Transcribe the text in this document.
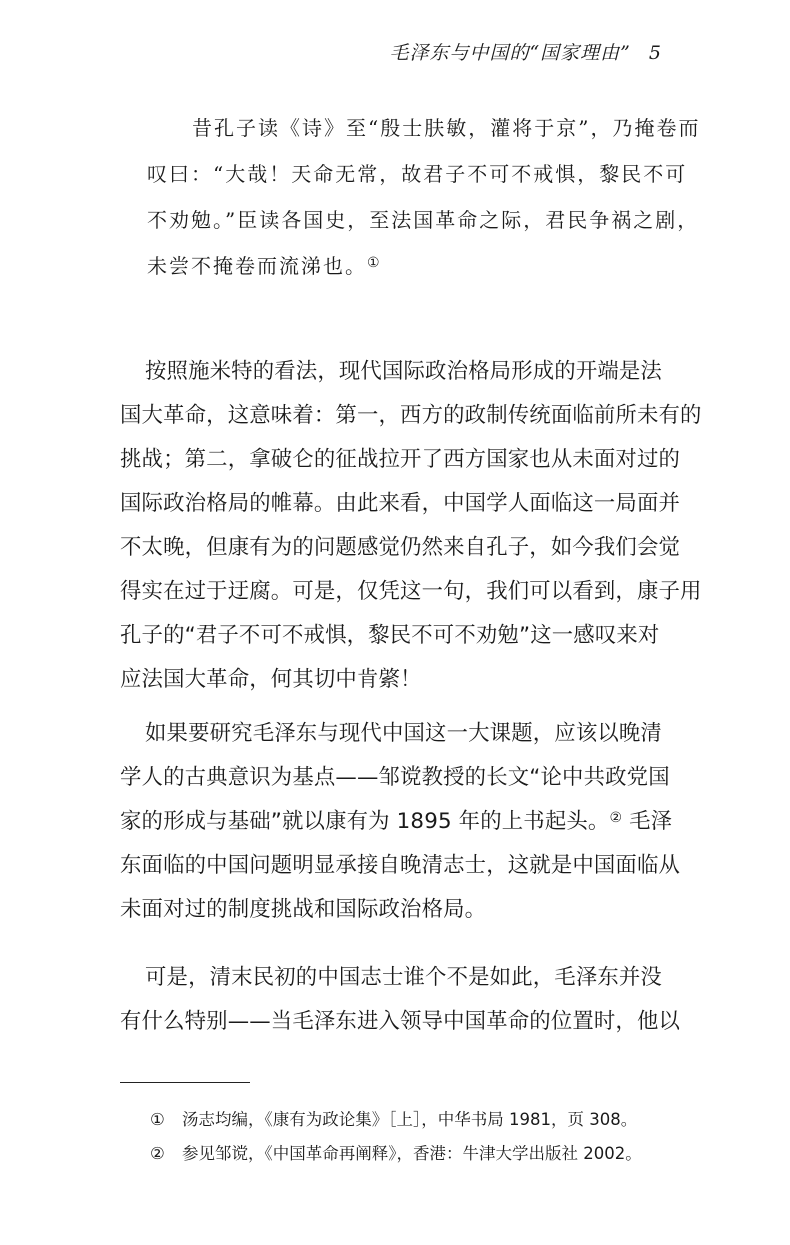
毛泽东与中国的“国家理由” 5
昔孔子读《诗》至“殷士肤敏，灌将于京”，乃掩卷而
叹曰：“大哉！天命无常，故君子不可不戒惧，黎民不可
不劝勉。”臣读各国史，至法国革命之际，君民争祸之剧，
未尝不掩卷而流涕也。①
按照施米特的看法，现代国际政治格局形成的开端是法
国大革命，这意味着：第一，西方的政制传统面临前所未有的
挑战；第二，拿破仑的征战拉开了西方国家也从未面对过的
国际政治格局的帷幕。由此来看，中国学人面临这一局面并
不太晚，但康有为的问题感觉仍然来自孔子，如今我们会觉
得实在过于迂腐。可是，仅凭这一句，我们可以看到，康子用
孔子的“君子不可不戒惧，黎民不可不劝勉”这一感叹来对
应法国大革命，何其切中肯綮！
如果要研究毛泽东与现代中国这一大课题，应该以晚清
学人的古典意识为基点——邹谠教授的长文“论中共政党国
家的形成与基础”就以康有为 1895 年的上书起头。② 毛泽
东面临的中国问题明显承接自晚清志士，这就是中国面临从
未面对过的制度挑战和国际政治格局。
可是，清末民初的中国志士谁个不是如此，毛泽东并没
有什么特别——当毛泽东进入领导中国革命的位置时，他以
① 汤志均编，《康有为政论集》［上］，中华书局 1981，页 308。
② 参见邹谠，《中国革命再阐释》，香港：牛津大学出版社 2002。
